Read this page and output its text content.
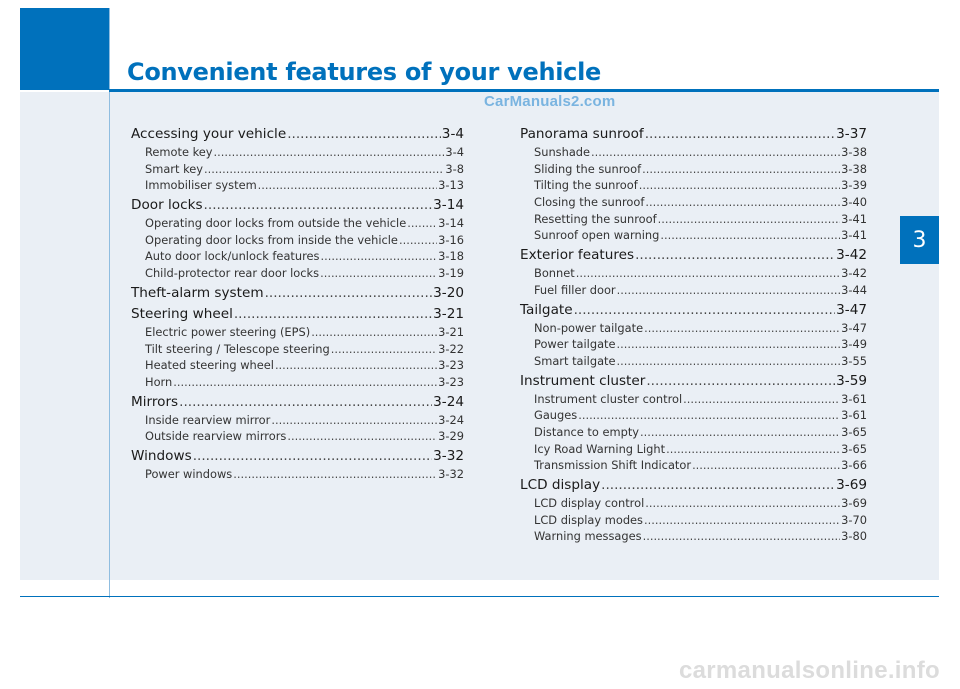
Convenient features of your vehicle
CarManuals2.com
3
carmanualsonline.info
Accessing your vehicle .....	3-4
Remote key .....	3-4
Smart key .....	3-8
Immobiliser system .....	3-13
Door locks .....	3-14
Operating door locks from outside the vehicle .....	3-14
Operating door locks from inside the vehicle .....	3-16
Auto door lock/unlock features .....	3-18
Child-protector rear door locks .....	3-19
Theft-alarm system .....	3-20
Steering wheel .....	3-21
Electric power steering (EPS) .....	3-21
Tilt steering / Telescope steering .....	3-22
Heated steering wheel .....	3-23
Horn .....	3-23
Mirrors .....	3-24
Inside rearview mirror .....	3-24
Outside rearview mirrors .....	3-29
Windows .....	3-32
Power windows .....	3-32
Panorama sunroof .....	3-37
Sunshade .....	3-38
Sliding the sunroof .....	3-38
Tilting the sunroof .....	3-39
Closing the sunroof .....	3-40
Resetting the sunroof .....	3-41
Sunroof open warning .....	3-41
Exterior features .....	3-42
Bonnet .....	3-42
Fuel filler door .....	3-44
Tailgate .....	3-47
Non-power tailgate .....	3-47
Power tailgate .....	3-49
Smart tailgate .....	3-55
Instrument cluster .....	3-59
Instrument cluster control .....	3-61
Gauges .....	3-61
Distance to empty .....	3-65
Icy Road Warning Light .....	3-65
Transmission Shift Indicator .....	3-66
LCD display .....	3-69
LCD display control .....	3-69
LCD display modes .....	3-70
Warning messages .....	3-80
